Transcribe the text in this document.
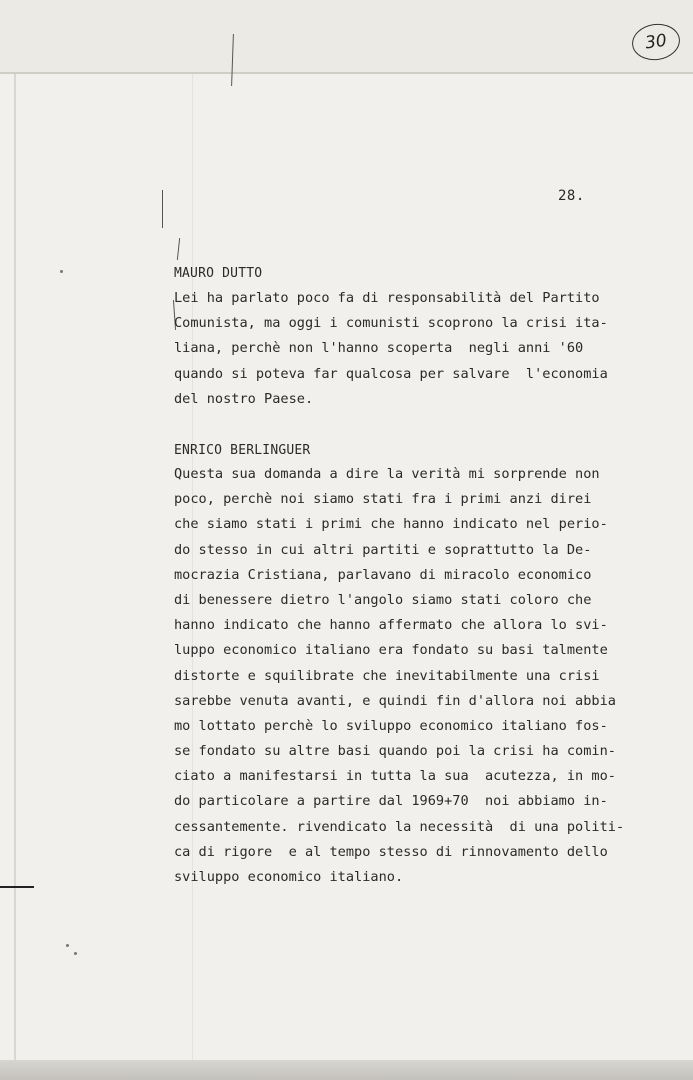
30
28.
MAURO DUTTO
Lei ha parlato poco fa di responsabilità del Partito
Comunista, ma oggi i comunisti scoprono la crisi ita-
liana, perchè non l'hanno scoperta  negli anni '60
quando si poteva far qualcosa per salvare  l'economia
del nostro Paese.
ENRICO BERLINGUER
Questa sua domanda a dire la verità mi sorprende non
poco, perchè noi siamo stati fra i primi anzi direi
che siamo stati i primi che hanno indicato nel perio-
do stesso in cui altri partiti e soprattutto la De-
mocrazia Cristiana, parlavano di miracolo economico
di benessere dietro l'angolo siamo stati coloro che
hanno indicato che hanno affermato che allora lo svi-
luppo economico italiano era fondato su basi talmente
distorte e squilibrate che inevitabilmente una crisi
sarebbe venuta avanti, e quindi fin d'allora noi abbia
mo lottato perchè lo sviluppo economico italiano fos-
se fondato su altre basi quando poi la crisi ha comin-
ciato a manifestarsi in tutta la sua  acutezza, in mo-
do particolare a partire dal 1969+70  noi abbiamo in-
cessantemente. rivendicato la necessità  di una politi-
ca di rigore  e al tempo stesso di rinnovamento dello
sviluppo economico italiano.
